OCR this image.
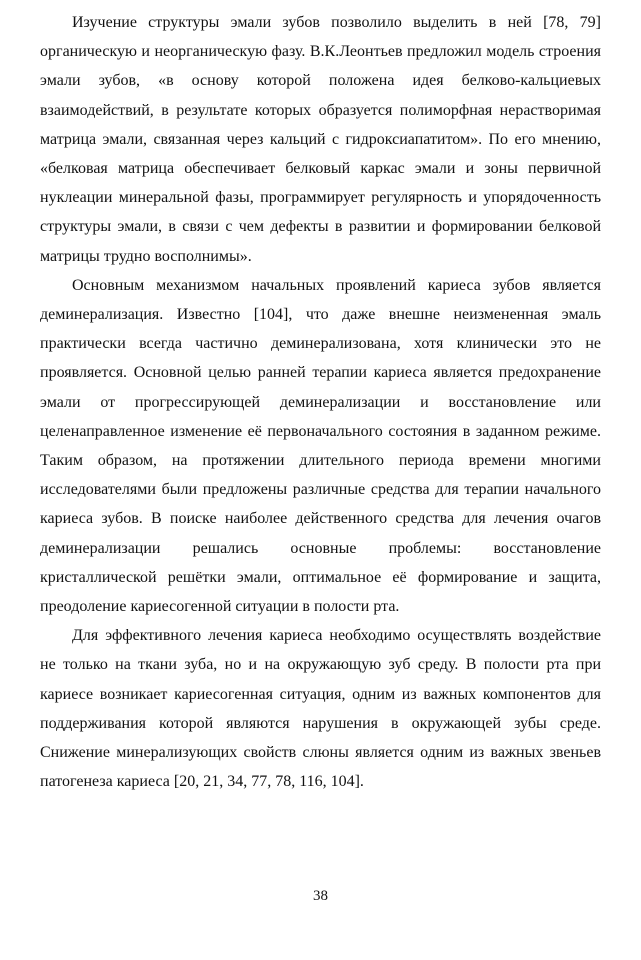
Изучение структуры эмали зубов позволило выделить в ней [78, 79] органическую и неорганическую фазу. В.К.Леонтьев предложил модель строения эмали зубов, «в основу которой положена идея белково-кальциевых взаимодействий, в результате которых образуется полиморфная нерастворимая матрица эмали, связанная через кальций с гидроксиапатитом». По его мнению, «белковая матрица обеспечивает белковый каркас эмали и зоны первичной нуклеации минеральной фазы, программирует регулярность и упорядоченность структуры эмали, в связи с чем дефекты в развитии и формировании белковой матрицы трудно восполнимы».

Основным механизмом начальных проявлений кариеса зубов является деминерализация. Известно [104], что даже внешне неизмененная эмаль практически всегда частично деминерализована, хотя клинически это не проявляется. Основной целью ранней терапии кариеса является предохранение эмали от прогрессирующей деминерализации и восстановление или целенаправленное изменение её первоначального состояния в заданном режиме. Таким образом, на протяжении длительного периода времени многими исследователями были предложены различные средства для терапии начального кариеса зубов. В поиске наиболее действенного средства для лечения очагов деминерализации решались основные проблемы: восстановление кристаллической решётки эмали, оптимальное её формирование и защита, преодоление кариесогенной ситуации в полости рта.

Для эффективного лечения кариеса необходимо осуществлять воздействие не только на ткани зуба, но и на окружающую зуб среду. В полости рта при кариесе возникает кариесогенная ситуация, одним из важных компонентов для поддерживания которой являются нарушения в окружающей зубы среде. Снижение минерализующих свойств слюны является одним из важных звеньев патогенеза кариеса [20, 21, 34, 77, 78, 116, 104].

38
